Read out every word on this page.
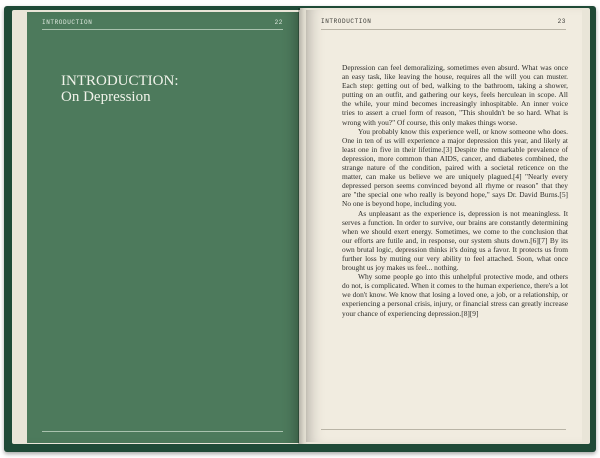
INTRODUCTION	22
INTRODUCTION:
On Depression
INTRODUCTION	23

Depression can feel demoralizing, sometimes even absurd. What was once an easy task, like leaving the house, requires all the will you can muster. Each step: getting out of bed, walking to the bathroom, taking a shower, putting on an outfit, and gathering our keys, feels herculean in scope. All the while, your mind becomes increasingly inhospitable. An inner voice tries to assert a cruel form of reason, "This shouldn't be so hard. What is wrong with you?" Of course, this only makes things worse.

You probably know this experience well, or know someone who does. One in ten of us will experience a major depression this year, and likely at least one in five in their lifetime.[3] Despite the remarkable prevalence of depression, more common than AIDS, cancer, and diabetes combined, the strange nature of the condition, paired with a societal reticence on the matter, can make us believe we are uniquely plagued.[4] "Nearly every depressed person seems convinced beyond all rhyme or reason" that they are "the special one who really is beyond hope," says Dr. David Burns.[5] No one is beyond hope, including you.

As unpleasant as the experience is, depression is not meaningless. It serves a function. In order to survive, our brains are constantly determining when we should exert energy. Sometimes, we come to the conclusion that our efforts are futile and, in response, our system shuts down.[6][7] By its own brutal logic, depression thinks it's doing us a favor. It protects us from further loss by muting our very ability to feel attached. Soon, what once brought us joy makes us feel... nothing.

Why some people go into this unhelpful protective mode, and others do not, is complicated. When it comes to the human experience, there's a lot we don't know. We know that losing a loved one, a job, or a relationship, or experiencing a personal crisis, injury, or financial stress can greatly increase your chance of experiencing depression.[8][9]
